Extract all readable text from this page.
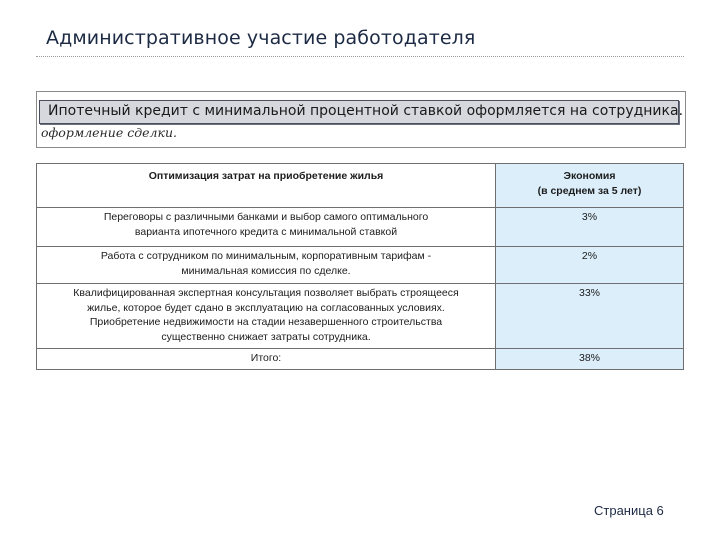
Административное участие работодателя
Ипотечный кредит с минимальной процентной ставкой оформляется на сотрудника.
оформление сделки.
Оптимизация затрат на приобретение жилья	Экономия
(в среднем за 5 лет)

Переговоры с различными банками и выбор самого оптимального
варианта ипотечного кредита с минимальной ставкой	3%

Работа с сотрудником по минимальным, корпоративным тарифам -
минимальная комиссия по сделке.	2%

Квалифицированная экспертная консультация позволяет выбрать строящееся
жилье, которое будет сдано в эксплуатацию на согласованных условиях.
Приобретение недвижимости на стадии незавершенного строительства
существенно снижает затраты сотрудника.	33%
Итого:	38%
Страница 6
